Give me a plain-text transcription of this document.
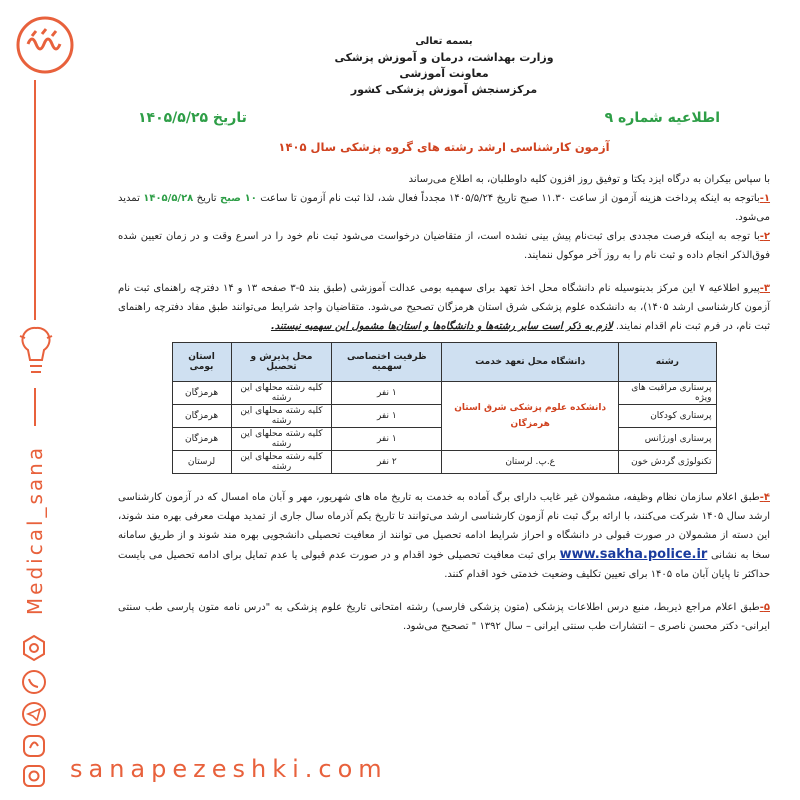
Medical_sana
sanapezeshki.com
بسمه تعالی
وزارت بهداشت، درمان و آموزش پزشکی
معاونت آموزشی
مرکزسنجش آموزش پزشکی کشور
اطلاعیه شماره ۹
تاریخ ۱۴۰۵/۵/۲۵
آزمون کارشناسی ارشد رشته های گروه پزشکی سال ۱۴۰۵

با سپاس بیکران به درگاه ایزد یکتا و توفیق روز افزون کلیه داوطلبان، به اطلاع می‌رساند

۱-باتوجه به اینکه پرداخت هزینه آزمون از ساعت ۱۱.۳۰ صبح تاریخ ۱۴۰۵/۵/۲۴ مجدداً فعال شد، لذا ثبت نام آزمون تا ساعت ۱۰ صبح تاریخ ۱۴۰۵/۵/۲۸ تمدید می‌شود.

۲-با توجه به اینکه فرصت مجددی برای ثبت‌نام پیش بینی نشده است، از متقاضیان درخواست می‌شود ثبت نام خود را در اسرع وقت و در زمان تعیین شده فوق‌الذکر انجام داده و ثبت نام را به روز آخر موکول ننمایند.

۳-پیرو اطلاعیه ۷ این مرکز بدینوسیله نام دانشگاه محل اخذ تعهد برای سهمیه بومی عدالت آموزشی (طبق بند ۵-۳ صفحه ۱۳ و ۱۴ دفترچه راهنمای ثبت نام آزمون کارشناسی ارشد ۱۴۰۵)، به دانشکده علوم پزشکی شرق استان هرمزگان تصحیح می‌شود. متقاضیان واجد شرایط می‌توانند طبق مفاد دفترچه راهنمای ثبت نام، در فرم ثبت نام اقدام نمایند. لازم به ذکر است سایر رشته‌ها و دانشگاه‌ها و استان‌ها مشمول این سهمیه نیستند.

رشته	دانشگاه محل تعهد خدمت	ظرفیت اختصاصی سهمیه	محل پذیرش و تحصیل	استان بومی
پرستاری مراقبت های ویژه	دانشکده علوم پزشکی شرق استان هرمزگان	۱ نفر	کلیه رشته محلهای این رشته	هرمزگان
پرستاری کودکان		۱ نفر	کلیه رشته محلهای این رشته	هرمزگان
پرستاری اورژانس		۱ نفر	کلیه رشته محلهای این رشته	هرمزگان
تکنولوژی گردش خون	ع.پ. لرستان	۲ نفر	کلیه رشته محلهای این رشته	لرستان

۴-طبق اعلام سازمان نظام وظیفه، مشمولان غیر غایب دارای برگ آماده به خدمت به تاریخ ماه های شهریور، مهر و آبان ماه امسال که در آزمون کارشناسی ارشد سال ۱۴۰۵ شرکت می‌کنند، با ارائه برگ ثبت نام آزمون کارشناسی ارشد می‌توانند تا تاریخ یکم آذرماه سال جاری از تمدید مهلت معرفی بهره مند شوند، این دسته از مشمولان در صورت قبولی در دانشگاه و احراز شرایط ادامه تحصیل می توانند از معافیت تحصیلی دانشجویی بهره مند شوند و از طریق سامانه سخا به نشانی www.sakha.police.ir برای ثبت معافیت تحصیلی خود اقدام و در صورت عدم قبولی یا عدم تمایل برای ادامه تحصیل می بایست حداکثر تا پایان آبان ماه ۱۴۰۵ برای تعیین تکلیف وضعیت خدمتی خود اقدام کنند.

۵-طبق اعلام مراجع ذیربط، منبع درس اطلاعات پزشکی (متون پزشکی فارسی) رشته امتحانی تاریخ علوم پزشکی به "درس نامه متون پارسی طب سنتی ایرانی- دکتر محسن ناصری – انتشارات طب سنتی ایرانی – سال ۱۳۹۲ " تصحیح می‌شود.
